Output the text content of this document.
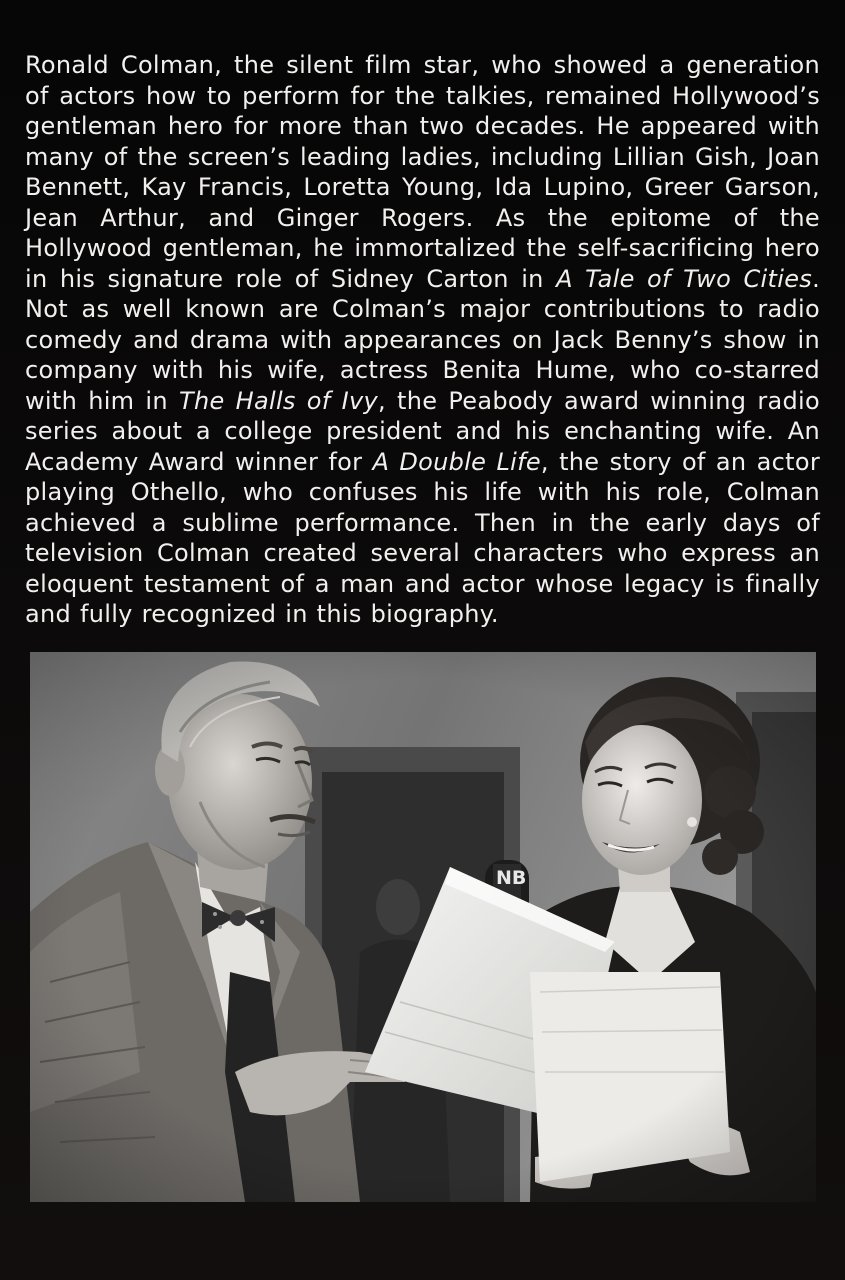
Ronald Colman, the silent film star, who showed a generation of actors how to perform for the talkies, remained Hollywood’s gentleman hero for more than two decades. He appeared with many of the screen’s leading ladies, including Lillian Gish, Joan Bennett, Kay Francis, Loretta Young, Ida Lupino, Greer Garson, Jean Arthur, and Ginger Rogers. As the epitome of the Hollywood gentleman, he immortalized the self-sacrificing hero in his signature role of Sidney Carton in A Tale of Two Cities. Not as well known are Colman’s major contributions to radio comedy and drama with appearances on Jack Benny’s show in company with his wife, actress Benita Hume, who co-starred with him in The Halls of Ivy, the Peabody award winning radio series about a college president and his enchanting wife. An Academy Award winner for A Double Life, the story of an actor playing Othello, who confuses his life with his role, Colman achieved a sublime performance. Then in the early days of television Colman created several characters who express an eloquent testament of a man and actor whose legacy is finally and fully recognized in this biography.
